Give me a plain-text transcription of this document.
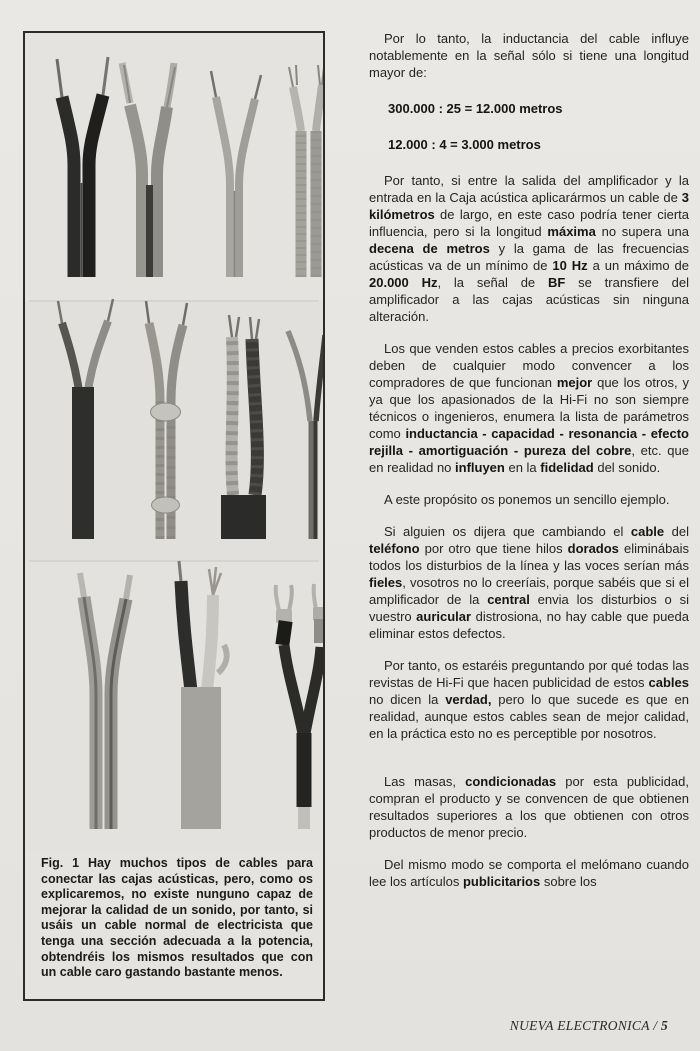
Fig. 1 Hay muchos tipos de cables para conectar las cajas acústicas, pero, como os explicaremos, no existe nunguno capaz de mejorar la calidad de un sonido, por tanto, si usáis un cable normal de electricista que tenga una sección adecuada a la potencia, obtendréis los mismos resultados que con un cable caro gastando bastante menos.

Por lo tanto, la inductancia del cable influye notablemente en la señal sólo si tiene una longitud mayor de:

300.000 : 25 = 12.000 metros

12.000 : 4 = 3.000 metros

Por tanto, si entre la salida del amplificador y la entrada en la Caja acústica aplicarármos un cable de 3 kilómetros de largo, en este caso podría tener cierta influencia, pero si la longitud máxima no supera una decena de metros y la gama de las frecuencias acústicas va de un mínimo de 10 Hz a un máximo de 20.000 Hz, la señal de BF se transfiere del amplificador a las cajas acústicas sin ninguna alteración.

Los que venden estos cables a precios exorbitantes deben de cualquier modo convencer a los compradores de que funcionan mejor que los otros, y ya que los apasionados de la Hi-Fi no son siempre técnicos o ingenieros, enumera la lista de parámetros como inductancia - capacidad - resonancia - efecto rejilla - amortiguación - pureza del cobre, etc. que en realidad no influyen en la fidelidad del sonido.

A este propósito os ponemos un sencillo ejemplo.

Si alguien os dijera que cambiando el cable del teléfono por otro que tiene hilos dorados eliminábais todos los disturbios de la línea y las voces serían más fieles, vosotros no lo creeríais, porque sabéis que si el amplificador de la central envia los disturbios o si vuestro auricular distrosiona, no hay cable que pueda eliminar estos defectos.

Por tanto, os estaréis preguntando por qué todas las revistas de Hi-Fi que hacen publicidad de estos cables no dicen la verdad, pero lo que sucede es que en realidad, aunque estos cables sean de mejor calidad, en la práctica esto no es perceptible por nosotros.

Las masas, condicionadas por esta publicidad, compran el producto y se convencen de que obtienen resultados superiores a los que obtienen con otros productos de menor precio.

Del mismo modo se comporta el melómano cuando lee los artículos publicitarios sobre los

NUEVA ELECTRONICA / 5
